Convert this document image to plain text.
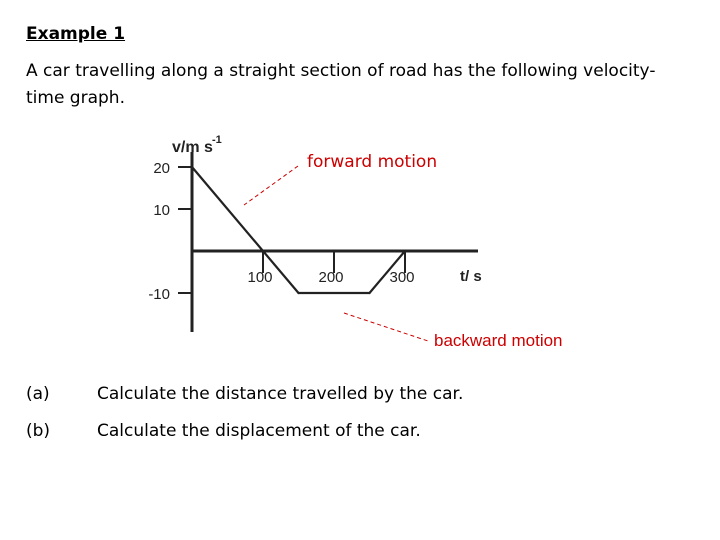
Example 1

A car travelling along a straight section of road has the following velocity-time graph.

20
10
-10
100	200	300
v/m s -1
t/ s
forward motion
backward motion
(a)	Calculate the distance travelled by the car.
(b)	Calculate the displacement of the car.
